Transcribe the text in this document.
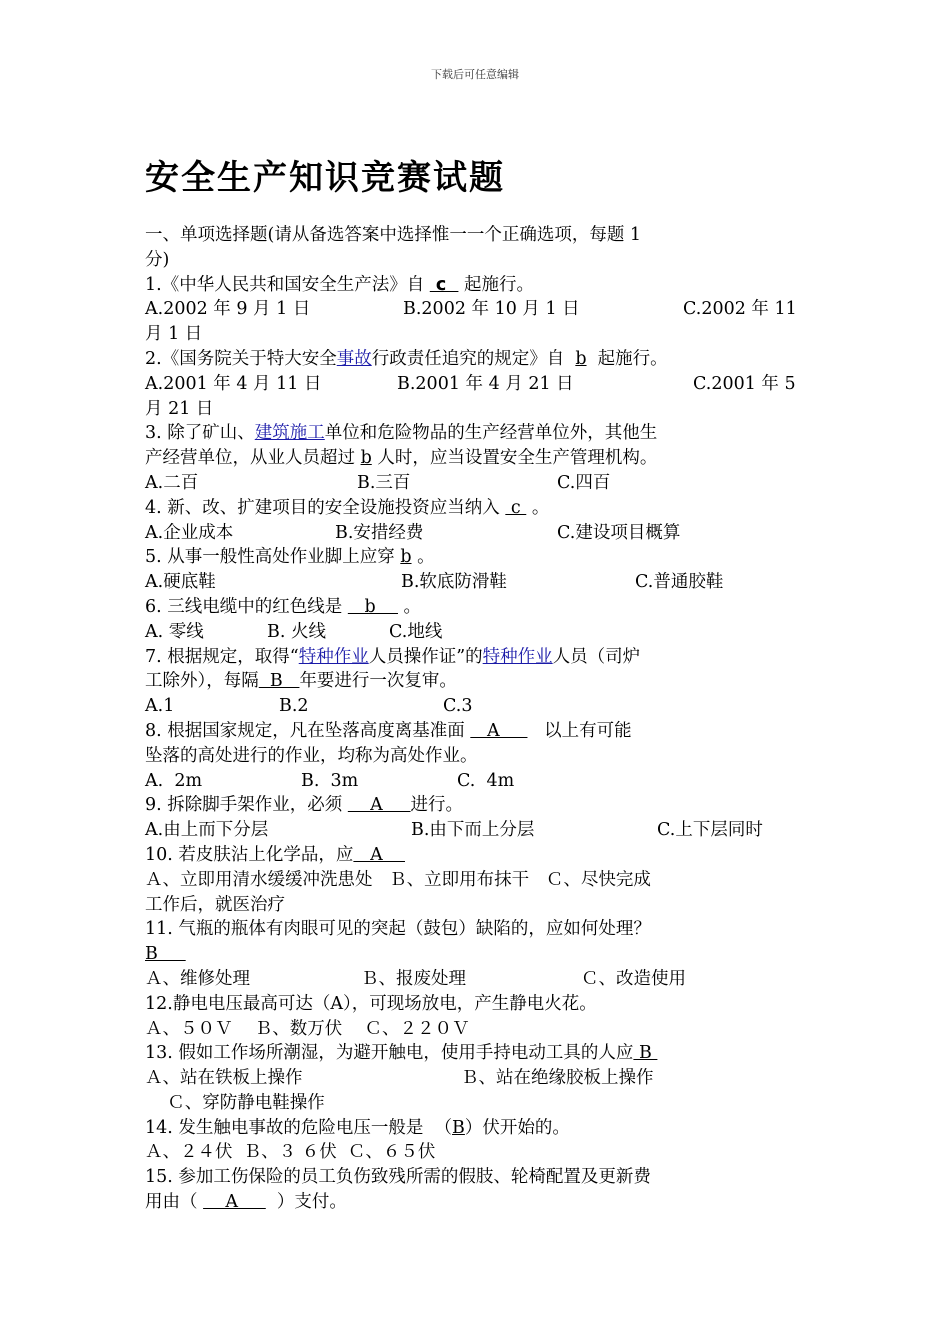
下载后可任意编辑
安全生产知识竞赛试题
一、单项选择题(请从备选答案中选择惟一一个正确选项，每题 1
分)
1.《中华人民共和国安全生产法》自  c   起施行。
A.2002 年 9 月 1 日	B.2002 年 10 月 1 日	C.2002 年 11
月 1 日
2.《国务院关于特大安全事故行政责任追究的规定》自  b  起施行。
A.2001 年 4 月 11 日	B.2001 年 4 月 21 日	C.2001 年 5
月 21 日
3. 除了矿山、建筑施工单位和危险物品的生产经营单位外，其他生
产经营单位，从业人员超过 b 人时，应当设置安全生产管理机构。
A.二百	B.三百	C.四百
4. 新、改、扩建项目的安全设施投资应当纳入  c  。
A.企业成本	B.安措经费	C.建设项目概算
5. 从事一般性高处作业脚上应穿 b 。
A.硬底鞋	B.软底防滑鞋	C.普通胶鞋
6. 三线电缆中的红色线是    b     。
A. 零线	B. 火线	C.地线
7. 根据规定，取得“特种作业人员操作证”的特种作业人员（司炉
工除外），每隔  B   年要进行一次复审。
A.1	B.2	C.3
8. 根据国家规定，凡在坠落高度离基准面    A        以上有可能
坠落的高处进行的作业，均称为高处作业。
A.  2m	B.  3m	C.  4m
9. 拆除脚手架作业，必须     A     进行。
A.由上而下分层	B.由下而上分层	C.上下层同时
10. 若皮肤沾上化学品，应   A
Ａ、立即用清水缓缓冲洗患处   Ｂ、立即用布抹干   Ｃ、尽快完成
工作后，就医治疗
11. 气瓶的瓶体有肉眼可见的突起（鼓包）缺陷的，应如何处理？
B
Ａ、维修处理	Ｂ、报废处理	Ｃ、改造使用
12.静电电压最高可达（A），可现场放电，产生静电火花。
Ａ、５０Ｖ    Ｂ、数万伏    Ｃ、２２０Ｖ
13. 假如工作场所潮湿，为避开触电，使用手持电动工具的人应 B
Ａ、站在铁板上操作	Ｂ、站在绝缘胶板上操作
Ｃ、穿防静电鞋操作
14. 发生触电事故的危险电压一般是  （B）伏开始的。
Ａ、２４伏  Ｂ、３ ６伏  Ｃ、６５伏
15. 参加工伤保险的员工负伤致残所需的假肢、轮椅配置及更新费
用由（     A       ）支付。
